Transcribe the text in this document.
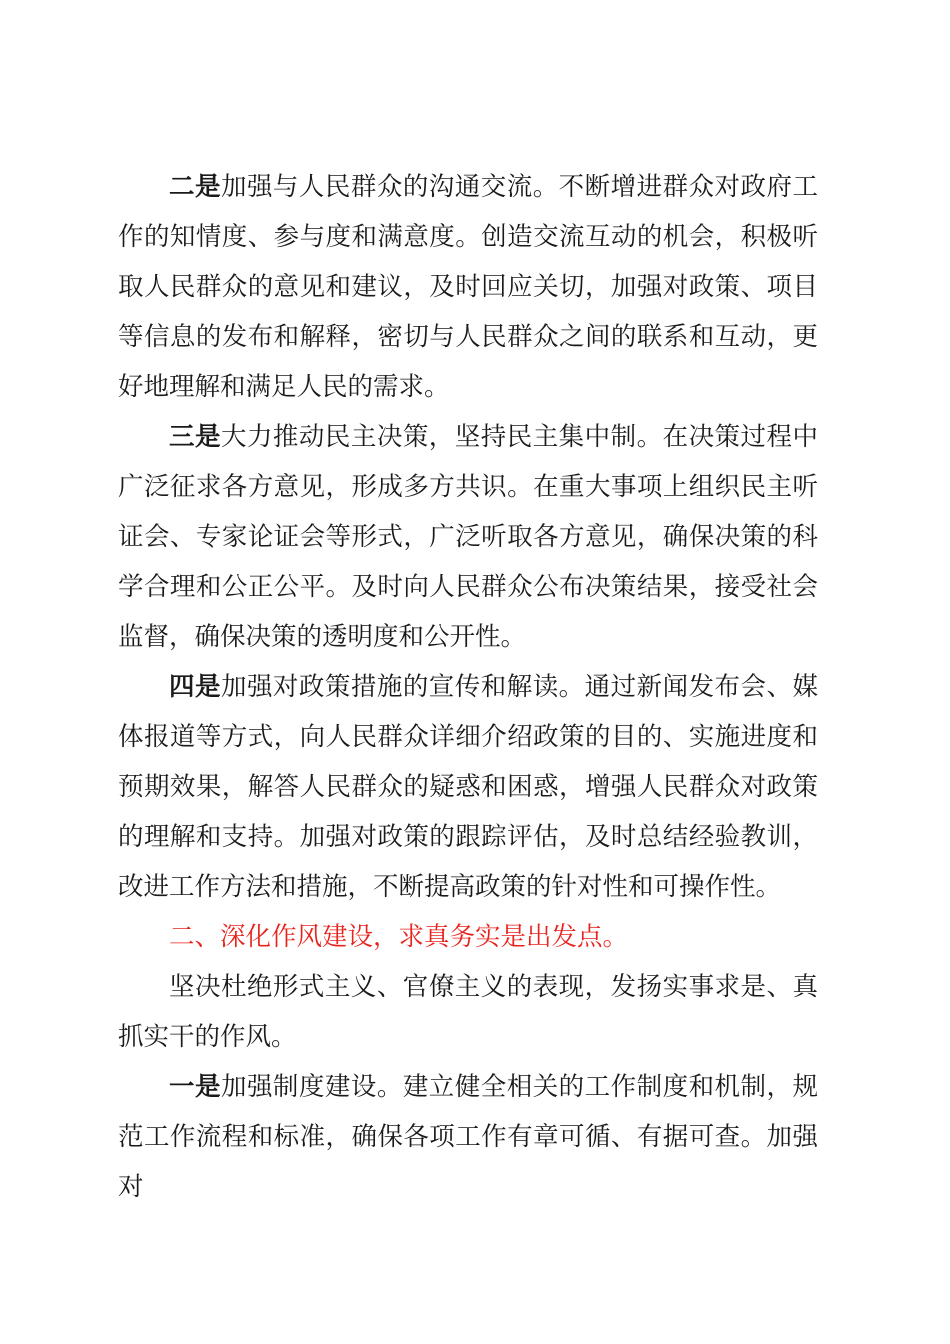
二是加强与人民群众的沟通交流。不断增进群众对政府工作的知情度、参与度和满意度。创造交流互动的机会，积极听取人民群众的意见和建议，及时回应关切，加强对政策、项目等信息的发布和解释，密切与人民群众之间的联系和互动，更好地理解和满足人民的需求。

三是大力推动民主决策，坚持民主集中制。在决策过程中广泛征求各方意见，形成多方共识。在重大事项上组织民主听证会、专家论证会等形式，广泛听取各方意见，确保决策的科学合理和公正公平。及时向人民群众公布决策结果，接受社会监督，确保决策的透明度和公开性。

四是加强对政策措施的宣传和解读。通过新闻发布会、媒体报道等方式，向人民群众详细介绍政策的目的、实施进度和预期效果，解答人民群众的疑惑和困惑，增强人民群众对政策的理解和支持。加强对政策的跟踪评估，及时总结经验教训，改进工作方法和措施，不断提高政策的针对性和可操作性。

二、深化作风建设，求真务实是出发点。

坚决杜绝形式主义、官僚主义的表现，发扬实事求是、真抓实干的作风。

一是加强制度建设。建立健全相关的工作制度和机制，规范工作流程和标准，确保各项工作有章可循、有据可查。加强对
